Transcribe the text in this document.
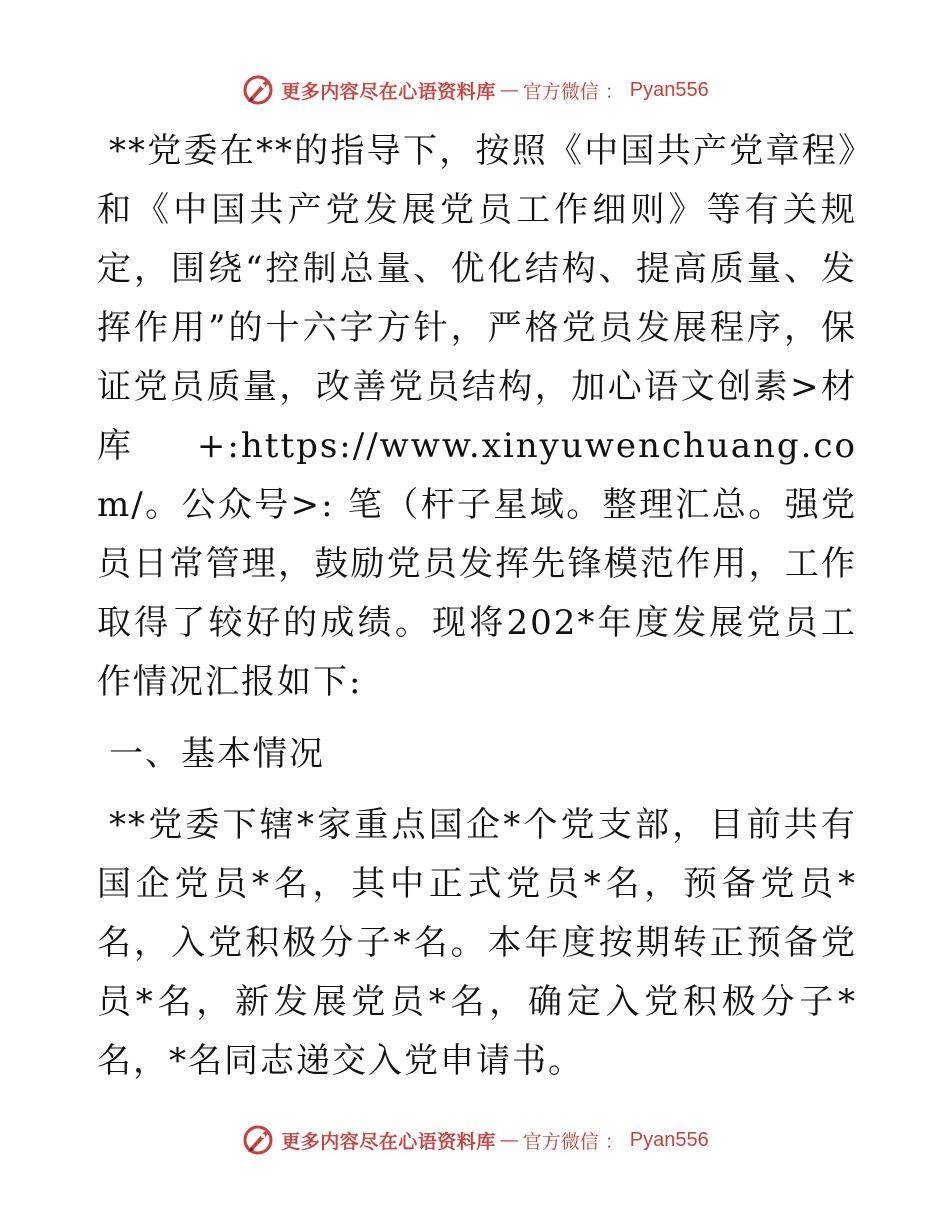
更多内容尽在心语资料库 — 官方微信 ： Pyan556

**党委在**的指导下，按照《中国共产党章程》和《中国共产党发展党员工作细则》等有关规定，围绕“控制总量、优化结构、提高质量、发挥作用”的十六字方针，严格党员发展程序，保证党员质量，改善党员结构，加心语文创素>材库+:https://www.xinyuwenchuang.com/。公众号>: 笔（杆子星域。整理汇总。强党员日常管理，鼓励党员发挥先锋模范作用，工作取得了较好的成绩。现将202*年度发展党员工作情况汇报如下:

一、基本情况

**党委下辖*家重点国企*个党支部，目前共有国企党员*名，其中正式党员*名，预备党员*名，入党积极分子*名。本年度按期转正预备党员*名，新发展党员*名，确定入党积极分子*名，*名同志递交入党申请书。

更多内容尽在心语资料库 — 官方微信 ： Pyan556
